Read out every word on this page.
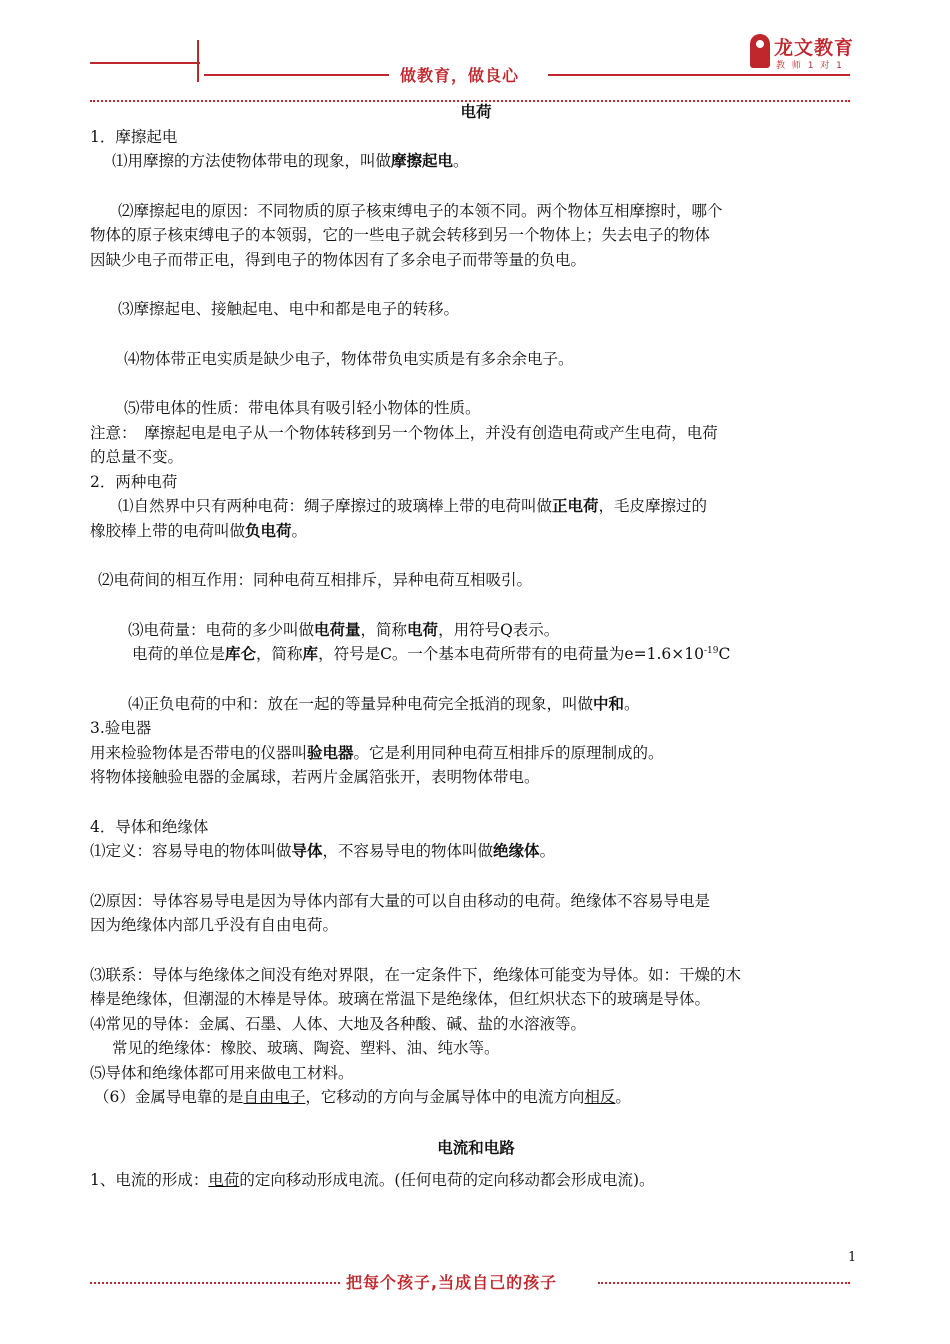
做教育，做良心
龙文教育
教 师 1 对 1

电荷

1．摩擦起电

⑴用摩擦的方法使物体带电的现象，叫做摩擦起电。

⑵摩擦起电的原因：不同物质的原子核束缚电子的本领不同。两个物体互相摩擦时，哪个

物体的原子核束缚电子的本领弱，它的一些电子就会转移到另一个物体上；失去电子的物体

因缺少电子而带正电，得到电子的物体因有了多余电子而带等量的负电。

⑶摩擦起电、接触起电、电中和都是电子的转移。

⑷物体带正电实质是缺少电子，物体带负电实质是有多余余电子。

⑸带电体的性质：带电体具有吸引轻小物体的性质。

注意：　摩擦起电是电子从一个物体转移到另一个物体上，并没有创造电荷或产生电荷，电荷

的总量不变。

2．两种电荷

⑴自然界中只有两种电荷：绸子摩擦过的玻璃棒上带的电荷叫做正电荷，毛皮摩擦过的

橡胶棒上带的电荷叫做负电荷。

⑵电荷间的相互作用：同种电荷互相排斥，异种电荷互相吸引。

⑶电荷量：电荷的多少叫做电荷量，简称电荷，用符号Q表示。

电荷的单位是库仑，简称库，符号是C。一个基本电荷所带有的电荷量为$e=1.6\times 10^{-19}C$

⑷正负电荷的中和：放在一起的等量异种电荷完全抵消的现象，叫做中和。

3.验电器

用来检验物体是否带电的仪器叫验电器。它是利用同种电荷互相排斥的原理制成的。

将物体接触验电器的金属球，若两片金属箔张开，表明物体带电。

4．导体和绝缘体

⑴定义：容易导电的物体叫做导体，不容易导电的物体叫做绝缘体。

⑵原因：导体容易导电是因为导体内部有大量的可以自由移动的电荷。绝缘体不容易导电是

因为绝缘体内部几乎没有自由电荷。

⑶联系：导体与绝缘体之间没有绝对界限，在一定条件下，绝缘体可能变为导体。如：干燥的木

棒是绝缘体，但潮湿的木棒是导体。玻璃在常温下是绝缘体，但红炽状态下的玻璃是导体。

⑷常见的导体：金属、石墨、人体、大地及各种酸、碱、盐的水溶液等。

常见的绝缘体：橡胶、玻璃、陶瓷、塑料、油、纯水等。

⑸导体和绝缘体都可用来做电工材料。

（6）金属导电靠的是自由电子，它移动的方向与金属导体中的电流方向相反。

电流和电路

1、电流的形成：电荷的定向移动形成电流。(任何电荷的定向移动都会形成电流)。

1
把每个孩子,当成自己的孩子
